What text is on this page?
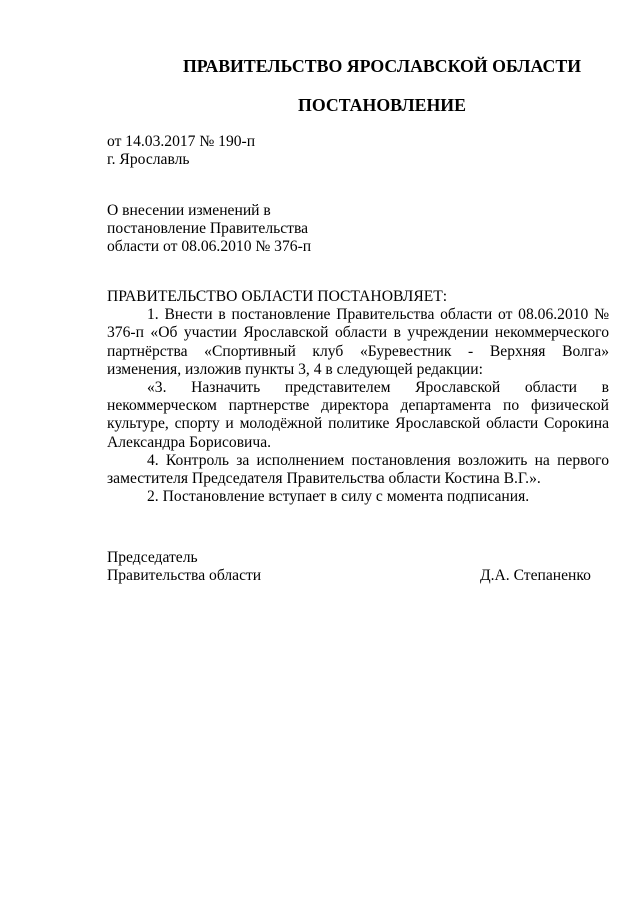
ПРАВИТЕЛЬСТВО ЯРОСЛАВСКОЙ ОБЛАСТИ
ПОСТАНОВЛЕНИЕ

от 14.03.2017 № 190-п

г. Ярославль

О внесении изменений в

постановление Правительства

области от 08.06.2010 № 376-п

ПРАВИТЕЛЬСТВО ОБЛАСТИ ПОСТАНОВЛЯЕТ:

1. Внести в постановление Правительства области от 08.06.2010 № 376-п «Об участии Ярославской области в учреждении некоммерческого партнёрства «Спортивный клуб «Буревестник - Верхняя Волга» изменения, изложив пункты 3, 4 в следующей редакции:

«3. Назначить представителем Ярославской области в некоммерческом партнерстве директора департамента по физической культуре, спорту и молодёжной политике Ярославской области Сорокина Александра Борисовича.

4. Контроль за исполнением постановления возложить на первого заместителя Председателя Правительства области Костина В.Г.».

2. Постановление вступает в силу с момента подписания.

Председатель

Правительства области	Д.А. Степаненко
